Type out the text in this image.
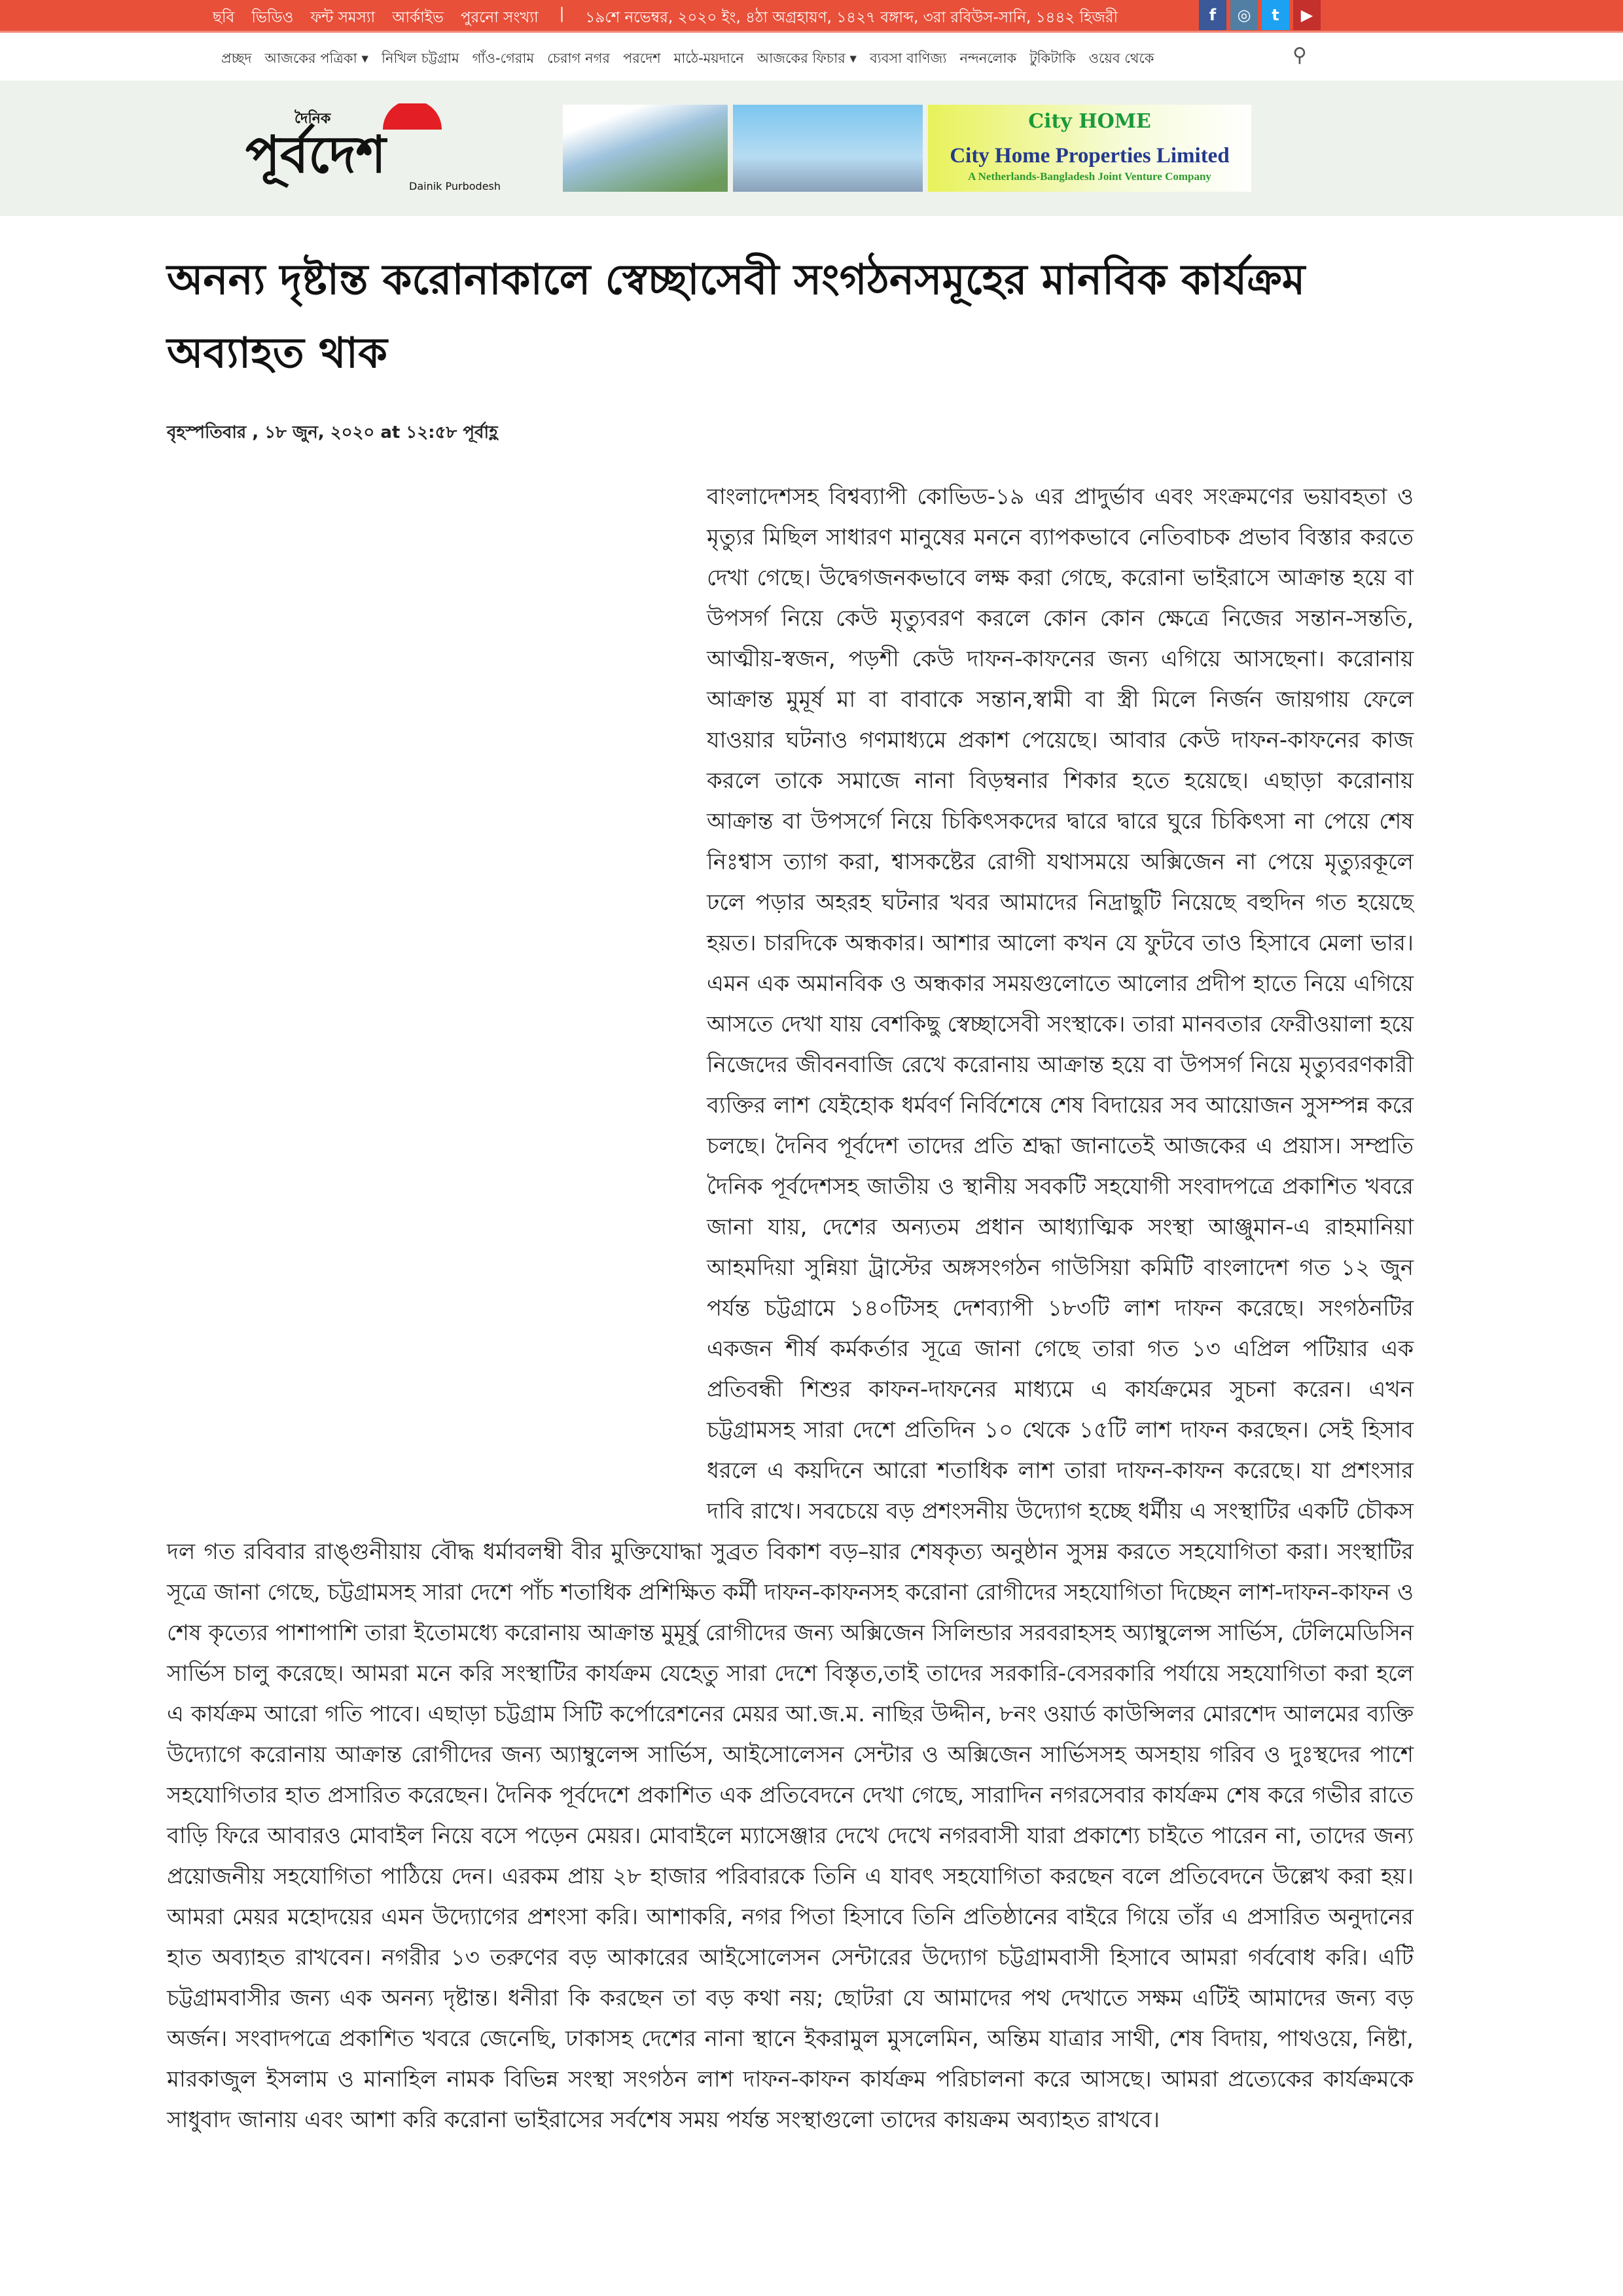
ছবি ভিডিও ফন্ট সমস্যা আর্কাইভ পুরনো সংখ্যা | ১৯শে নভেম্বর, ২০২০ ইং, ৪ঠা অগ্রহায়ণ, ১৪২৭ বঙ্গাব্দ, ৩রা রবিউস-সানি, ১৪৪২ হিজরী	f	◎	t	▶
প্রচ্ছদ আজকের পত্রিকা ▾ নিখিল চট্টগ্রাম গাঁও-গেরাম চেরাগ নগর পরদেশ মাঠে-ময়দানে আজকের ফিচার ▾ ব্যবসা বাণিজ্য নন্দনলোক টুকিটাকি ওয়েব থেকে	⚲
দৈনিক
পূর্বদেশ
Dainik Purbodesh
City HOME
City Home Properties Limited
A Netherlands-Bangladesh Joint Venture Company
অনন্য দৃষ্টান্ত করোনাকালে স্বেচ্ছাসেবী সংগঠনসমূহের মানবিক কার্যক্রম অব্যাহত থাক
বৃহস্পতিবার , ১৮ জুন, ২০২০ at ১২:৫৮ পূর্বাহ্ণ
বাংলাদেশসহ বিশ্বব্যাপী কোভিড-১৯ এর প্রাদুর্ভাব এবং সংক্রমণের ভয়াবহতা ও মৃত্যুর মিছিল সাধারণ মানুষের মননে ব্যাপকভাবে নেতিবাচক প্রভাব বিস্তার করতে দেখা গেছে। উদ্বেগজনকভাবে লক্ষ করা গেছে, করোনা ভাইরাসে আক্রান্ত হয়ে বা উপসর্গ নিয়ে কেউ মৃত্যুবরণ করলে কোন কোন ক্ষেত্রে নিজের সন্তান-সন্ততি, আত্মীয়-স্বজন, পড়শী কেউ দাফন-কাফনের জন্য এগিয়ে আসছেনা। করোনায় আক্রান্ত মুমূর্ষ মা বা বাবাকে সন্তান,স্বামী বা স্ত্রী মিলে নির্জন জায়গায় ফেলে যাওয়ার ঘটনাও গণমাধ্যমে প্রকাশ পেয়েছে। আবার কেউ দাফন-কাফনের কাজ করলে তাকে সমাজে নানা বিড়ম্বনার শিকার হতে হয়েছে। এছাড়া করোনায় আক্রান্ত বা উপসর্গে নিয়ে চিকিৎসকদের দ্বারে দ্বারে ঘুরে চিকিৎসা না পেয়ে শেষ নিঃশ্বাস ত্যাগ করা, শ্বাসকষ্টের রোগী যথাসময়ে অক্সিজেন না পেয়ে মৃত্যুরকূলে ঢলে পড়ার অহরহ ঘটনার খবর আমাদের নিদ্রাছুটি নিয়েছে বহুদিন গত হয়েছে হয়ত। চারদিকে অন্ধকার। আশার আলো কখন যে ফুটবে তাও হিসাবে মেলা ভার। এমন এক অমানবিক ও অন্ধকার সময়গুলোতে আলোর প্রদীপ হাতে নিয়ে এগিয়ে আসতে দেখা যায় বেশকিছু স্বেচ্ছাসেবী সংস্থাকে। তারা মানবতার ফেরীওয়ালা হয়ে নিজেদের জীবনবাজি রেখে করোনায় আক্রান্ত হয়ে বা উপসর্গ নিয়ে মৃত্যুবরণকারী ব্যক্তির লাশ যেইহোক ধর্মবর্ণ নির্বিশেষে শেষ বিদায়ের সব আয়োজন সুসম্পন্ন করে চলছে। দৈনিব পূর্বদেশ তাদের প্রতি শ্রদ্ধা জানাতেই আজকের এ প্রয়াস। সম্প্রতি দৈনিক পূর্বদেশসহ জাতীয় ও স্থানীয় সবকটি সহযোগী সংবাদপত্রে প্রকাশিত খবরে জানা যায়, দেশের অন্যতম প্রধান আধ্যাত্মিক সংস্থা আঞ্জুমান-এ রাহমানিয়া আহমদিয়া সুন্নিয়া ট্রাস্টের অঙ্গসংগঠন গাউসিয়া কমিটি বাংলাদেশ গত ১২ জুন পর্যন্ত চট্টগ্রামে ১৪০টিসহ দেশব্যাপী ১৮৩টি লাশ দাফন করেছে। সংগঠনটির একজন শীর্ষ কর্মকর্তার সূত্রে জানা গেছে তারা গত ১৩ এপ্রিল পটিয়ার এক প্রতিবন্ধী শিশুর কাফন-দাফনের মাধ্যমে এ কার্যক্রমের সুচনা করেন। এখন চট্টগ্রামসহ সারা দেশে প্রতিদিন ১০ থেকে ১৫টি লাশ দাফন করছেন। সেই হিসাব ধরলে এ কয়দিনে আরো শতাধিক লাশ তারা দাফন-কাফন করেছে। যা প্রশংসার দাবি রাখে। সবচেয়ে বড় প্রশংসনীয় উদ্যোগ হচ্ছে ধর্মীয় এ সংস্থাটির একটি চৌকস দল গত রবিবার রাঙ্গুনীয়ায় বৌদ্ধ ধর্মাবলম্বী বীর মুক্তিযোদ্ধা সুব্রত বিকাশ বড়–য়ার শেষকৃত্য অনুষ্ঠান সুসম্ন করতে সহযোগিতা করা। সংস্থাটির সূত্রে জানা গেছে, চট্টগ্রামসহ সারা দেশে পাঁচ শতাধিক প্রশিক্ষিত কর্মী দাফন-কাফনসহ করোনা রোগীদের সহযোগিতা দিচ্ছেন লাশ-দাফন-কাফন ও শেষ কৃত্যের পাশাপাশি তারা ইতোমধ্যে করোনায় আক্রান্ত মুমূর্ষু রোগীদের জন্য অক্সিজেন সিলিন্ডার সরবরাহসহ অ্যাম্বুলেন্স সার্ভিস, টেলিমেডিসিন সার্ভিস চালু করেছে। আমরা মনে করি সংস্থাটির কার্যক্রম যেহেতু সারা দেশে বিস্তৃত,তাই তাদের সরকারি-বেসরকারি পর্যায়ে সহযোগিতা করা হলে এ কার্যক্রম আরো গতি পাবে। এছাড়া চট্টগ্রাম সিটি কর্পোরেশনের মেয়র আ.জ.ম. নাছির উদ্দীন, ৮নং ওয়ার্ড কাউন্সিলর মোরশেদ আলমের ব্যক্তি উদ্যোগে করোনায় আক্রান্ত রোগীদের জন্য অ্যাম্বুলেন্স সার্ভিস, আইসোলেসন সেন্টার ও অক্সিজেন সার্ভিসসহ অসহায় গরিব ও দুঃস্থদের পাশে সহযোগিতার হাত প্রসারিত করেছেন। দৈনিক পূর্বদেশে প্রকাশিত এক প্রতিবেদনে দেখা গেছে, সারাদিন নগরসেবার কার্যক্রম শেষ করে গভীর রাতে বাড়ি ফিরে আবারও মোবাইল নিয়ে বসে পড়েন মেয়র। মোবাইলে ম্যাসেঞ্জার দেখে দেখে নগরবাসী যারা প্রকাশ্যে চাইতে পারেন না, তাদের জন্য প্রয়োজনীয় সহযোগিতা পাঠিয়ে দেন। এরকম প্রায় ২৮ হাজার পরিবারকে তিনি এ যাবৎ সহযোগিতা করছেন বলে প্রতিবেদনে উল্লেখ করা হয়। আমরা মেয়র মহোদয়ের এমন উদ্যোগের প্রশংসা করি। আশাকরি, নগর পিতা হিসাবে তিনি প্রতিষ্ঠানের বাইরে গিয়ে তাঁর এ প্রসারিত অনুদানের হাত অব্যাহত রাখবেন। নগরীর ১৩ তরুণের বড় আকারের আইসোলেসন সেন্টারের উদ্যোগ চট্টগ্রামবাসী হিসাবে আমরা গর্ববোধ করি। এটি চট্টগ্রামবাসীর জন্য এক অনন্য দৃষ্টান্ত। ধনীরা কি করছেন তা বড় কথা নয়; ছোটরা যে আমাদের পথ দেখাতে সক্ষম এটিই আমাদের জন্য বড় অর্জন। সংবাদপত্রে প্রকাশিত খবরে জেনেছি, ঢাকাসহ দেশের নানা স্থানে ইকরামুল মুসলেমিন, অন্তিম যাত্রার সাথী, শেষ বিদায়, পাথওয়ে, নিষ্টা, মারকাজুল ইসলাম ও মানাহিল নামক বিভিন্ন সংস্থা সংগঠন লাশ দাফন-কাফন কার্যক্রম পরিচালনা করে আসছে। আমরা প্রত্যেকের কার্যক্রমকে সাধুবাদ জানায় এবং আশা করি করোনা ভাইরাসের সর্বশেষ সময় পর্যন্ত সংস্থাগুলো তাদের কায়ক্রম অব্যাহত রাখবে।
